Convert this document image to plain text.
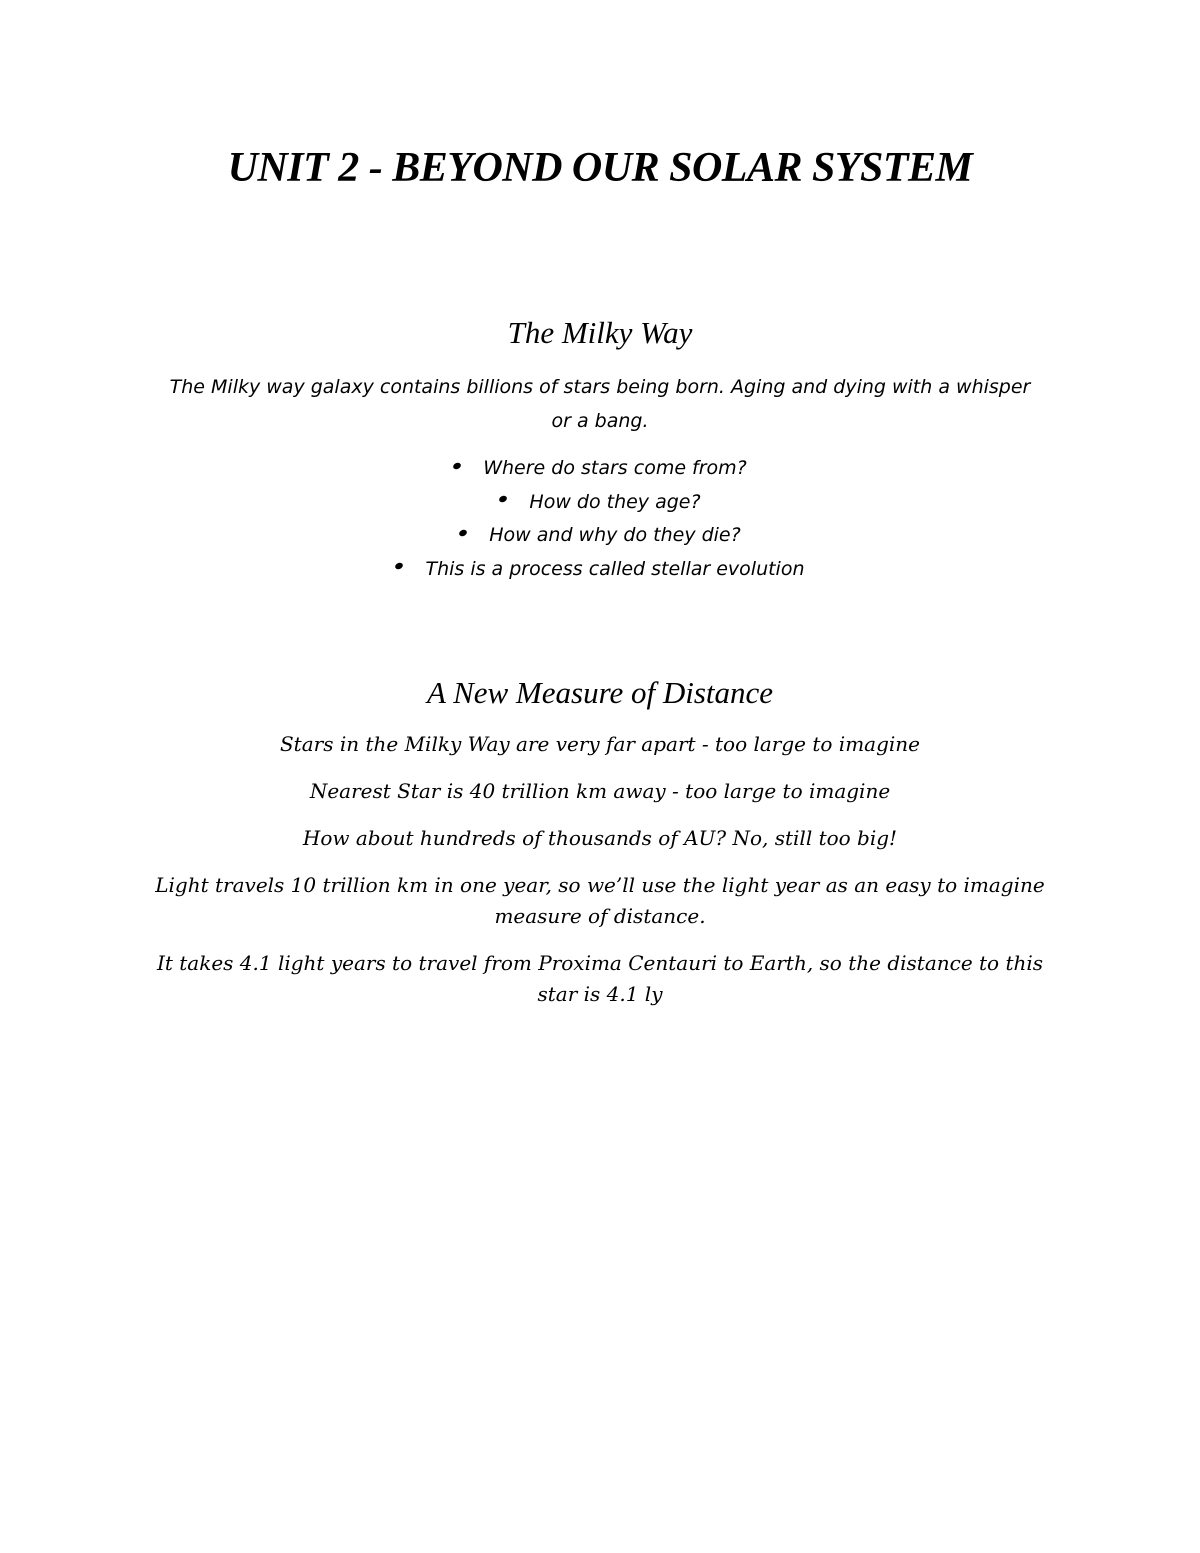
UNIT 2 - BEYOND OUR SOLAR SYSTEM
The Milky Way

The Milky way galaxy contains billions of stars being born. Aging and dying with a whisper or a bang.

Where do stars come from?
How do they age?
How and why do they die?
This is a process called stellar evolution
A New Measure of Distance

Stars in the Milky Way are very far apart - too large to imagine

Nearest Star is 40 trillion km away - too large to imagine

How about hundreds of thousands of AU? No, still too big!

Light travels 10 trillion km in one year, so we’ll use the light year as an easy to imagine measure of distance.

It takes 4.1 light years to travel from Proxima Centauri to Earth, so the distance to this star is 4.1 ly
